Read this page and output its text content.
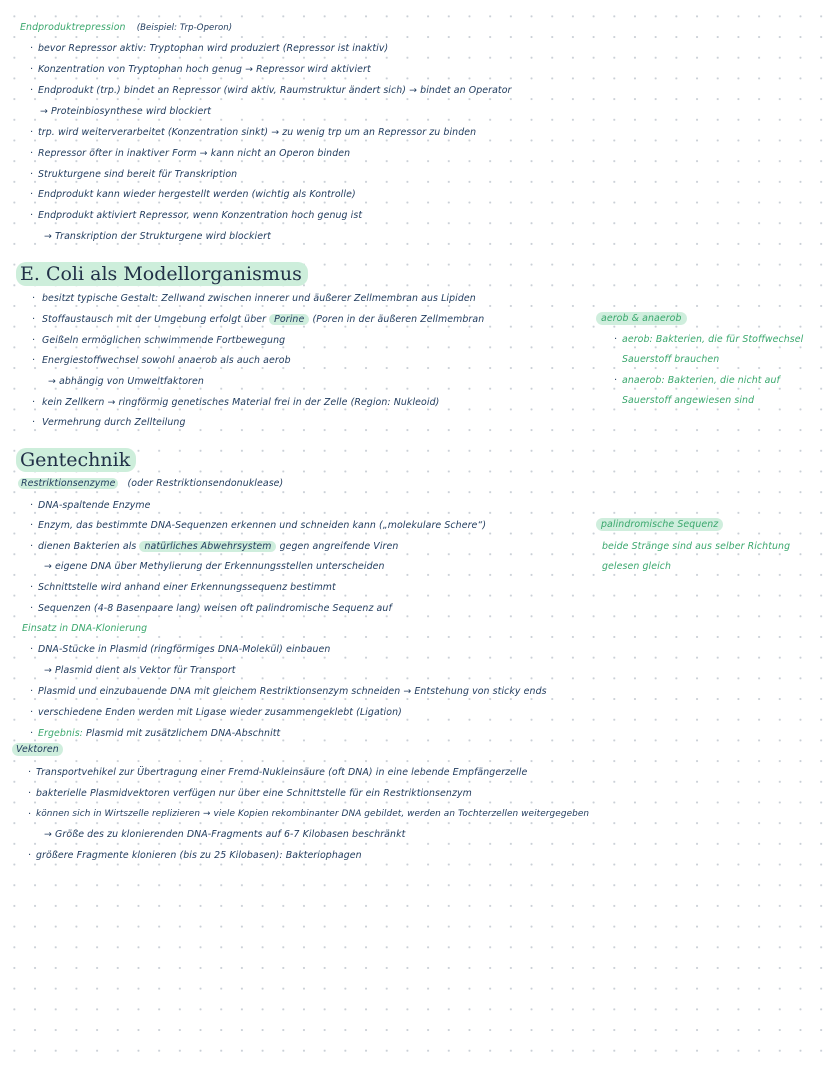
Endproduktrepression (Beispiel: Trp-Operon)
· bevor Repressor aktiv: Tryptophan wird produziert (Repressor ist inaktiv)
· Konzentration von Tryptophan hoch genug → Repressor wird aktiviert
· Endprodukt (trp.) bindet an Repressor (wird aktiv, Raumstruktur ändert sich) → bindet an Operator
→ Proteinbiosynthese wird blockiert
· trp. wird weiterverarbeitet (Konzentration sinkt) → zu wenig trp um an Repressor zu binden
· Repressor öfter in inaktiver Form → kann nicht an Operon binden
· Strukturgene sind bereit für Transkription
· Endprodukt kann wieder hergestellt werden (wichtig als Kontrolle)
· Endprodukt aktiviert Repressor, wenn Konzentration hoch genug ist
→ Transkription der Strukturgene wird blockiert
E. Coli als Modellorganismus
· besitzt typische Gestalt: Zellwand zwischen innerer und äußerer Zellmembran aus Lipiden
· Stoffaustausch mit der Umgebung erfolgt über Porine (Poren in der äußeren Zellmembran
· Geißeln ermöglichen schwimmende Fortbewegung
· Energiestoffwechsel sowohl anaerob als auch aerob
→ abhängig von Umweltfaktoren
· kein Zellkern → ringförmig genetisches Material frei in der Zelle (Region: Nukleoid)
· Vermehrung durch Zellteilung
aerob & anaerob
· aerob: Bakterien, die für Stoffwechsel
Sauerstoff brauchen
· anaerob: Bakterien, die nicht auf
Sauerstoff angewiesen sind
Gentechnik
Restriktionsenzyme (oder Restriktionsendonuklease)
· DNA-spaltende Enzyme
· Enzym, das bestimmte DNA-Sequenzen erkennen und schneiden kann („molekulare Schere“)
· dienen Bakterien als natürliches Abwehrsystem gegen angreifende Viren
→ eigene DNA über Methylierung der Erkennungsstellen unterscheiden
· Schnittstelle wird anhand einer Erkennungssequenz bestimmt
· Sequenzen (4-8 Basenpaare lang) weisen oft palindromische Sequenz auf
palindromische Sequenz
beide Stränge sind aus selber Richtung
gelesen gleich
Einsatz in DNA-Klonierung
· DNA-Stücke in Plasmid (ringförmiges DNA-Molekül) einbauen
→ Plasmid dient als Vektor für Transport
· Plasmid und einzubauende DNA mit gleichem Restriktionsenzym schneiden → Entstehung von sticky ends
· verschiedene Enden werden mit Ligase wieder zusammengeklebt (Ligation)
· Ergebnis: Plasmid mit zusätzlichem DNA-Abschnitt
Vektoren
· Transportvehikel zur Übertragung einer Fremd-Nukleinsäure (oft DNA) in eine lebende Empfängerzelle
· bakterielle Plasmidvektoren verfügen nur über eine Schnittstelle für ein Restriktionsenzym
· können sich in Wirtszelle replizieren → viele Kopien rekombinanter DNA gebildet, werden an Tochterzellen weitergegeben
→ Größe des zu klonierenden DNA-Fragments auf 6-7 Kilobasen beschränkt
· größere Fragmente klonieren (bis zu 25 Kilobasen): Bakteriophagen
